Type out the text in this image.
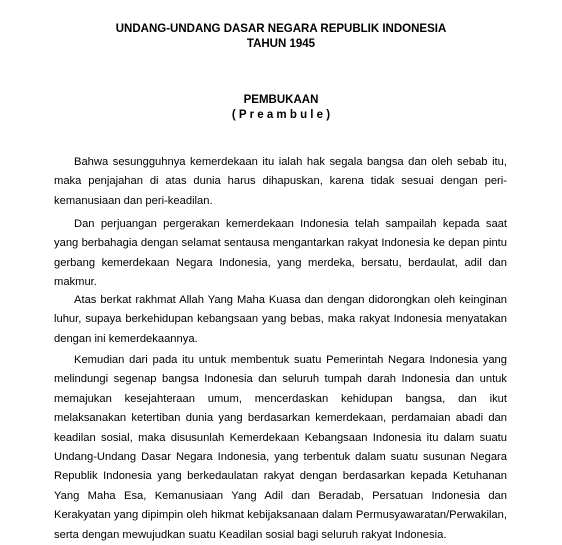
UNDANG-UNDANG DASAR NEGARA REPUBLIK INDONESIA
TAHUN 1945
PEMBUKAAN
( P r e a m b u l e )

Bahwa sesungguhnya kemerdekaan itu ialah hak segala bangsa dan oleh sebab itu, maka penjajahan di atas dunia harus dihapuskan, karena tidak sesuai dengan peri-kemanusiaan dan peri-keadilan.

Dan perjuangan pergerakan kemerdekaan Indonesia telah sampailah kepada saat yang berbahagia dengan selamat sentausa mengantarkan rakyat Indonesia ke depan pintu gerbang kemerdekaan Negara Indonesia, yang merdeka, bersatu, berdaulat, adil dan makmur.

Atas berkat rakhmat Allah Yang Maha Kuasa dan dengan didorongkan oleh keinginan luhur, supaya berkehidupan kebangsaan yang bebas, maka rakyat Indonesia menyatakan dengan ini kemerdekaannya.

Kemudian dari pada itu untuk membentuk suatu Pemerintah Negara Indonesia yang melindungi segenap bangsa Indonesia dan seluruh tumpah darah Indonesia dan untuk memajukan kesejahteraan umum, mencerdaskan kehidupan bangsa, dan ikut melaksanakan ketertiban dunia yang berdasarkan kemerdekaan, perdamaian abadi dan keadilan sosial, maka disusunlah Kemerdekaan Kebangsaan Indonesia itu dalam suatu Undang-Undang Dasar Negara Indonesia, yang terbentuk dalam suatu susunan Negara Republik Indonesia yang berkedaulatan rakyat dengan berdasarkan kepada Ketuhanan Yang Maha Esa, Kemanusiaan Yang Adil dan Beradab, Persatuan Indonesia dan Kerakyatan yang dipimpin oleh hikmat kebijaksanaan dalam Permusyawaratan/Perwakilan, serta dengan mewujudkan suatu Keadilan sosial bagi seluruh rakyat Indonesia.
